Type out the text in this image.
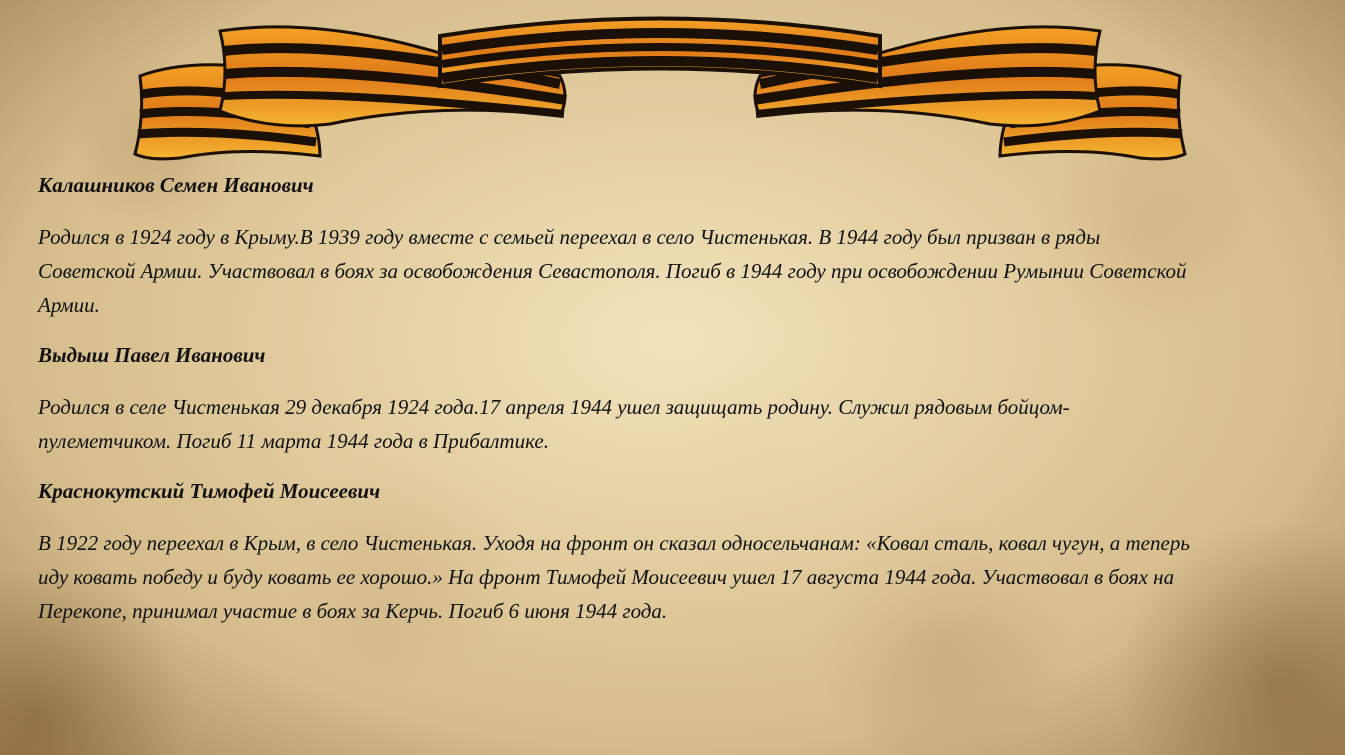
Калашников Семен Иванович

Родился в 1924 году в Крыму.В 1939 году вместе с семьей переехал в село Чистенькая. В 1944 году был призван в ряды Советской Армии. Участвовал в боях за освобождения Севастополя. Погиб в 1944 году при освобождении Румынии Советской Армии.

Выдыш Павел Иванович

Родился в селе Чистенькая 29 декабря 1924 года.17 апреля 1944 ушел защищать родину. Служил рядовым бойцом-пулеметчиком. Погиб 11 марта 1944 года в Прибалтике.

Краснокутский Тимофей Моисеевич

В 1922 году переехал в Крым, в село Чистенькая. Уходя на фронт он сказал односельчанам: «Ковал сталь, ковал чугун, а теперь иду ковать победу и буду ковать ее хорошо.» На фронт Тимофей Моисеевич ушел 17 августа 1944 года. Участвовал в боях на Перекопе, принимал участие в боях за Керчь. Погиб 6 июня 1944 года.
